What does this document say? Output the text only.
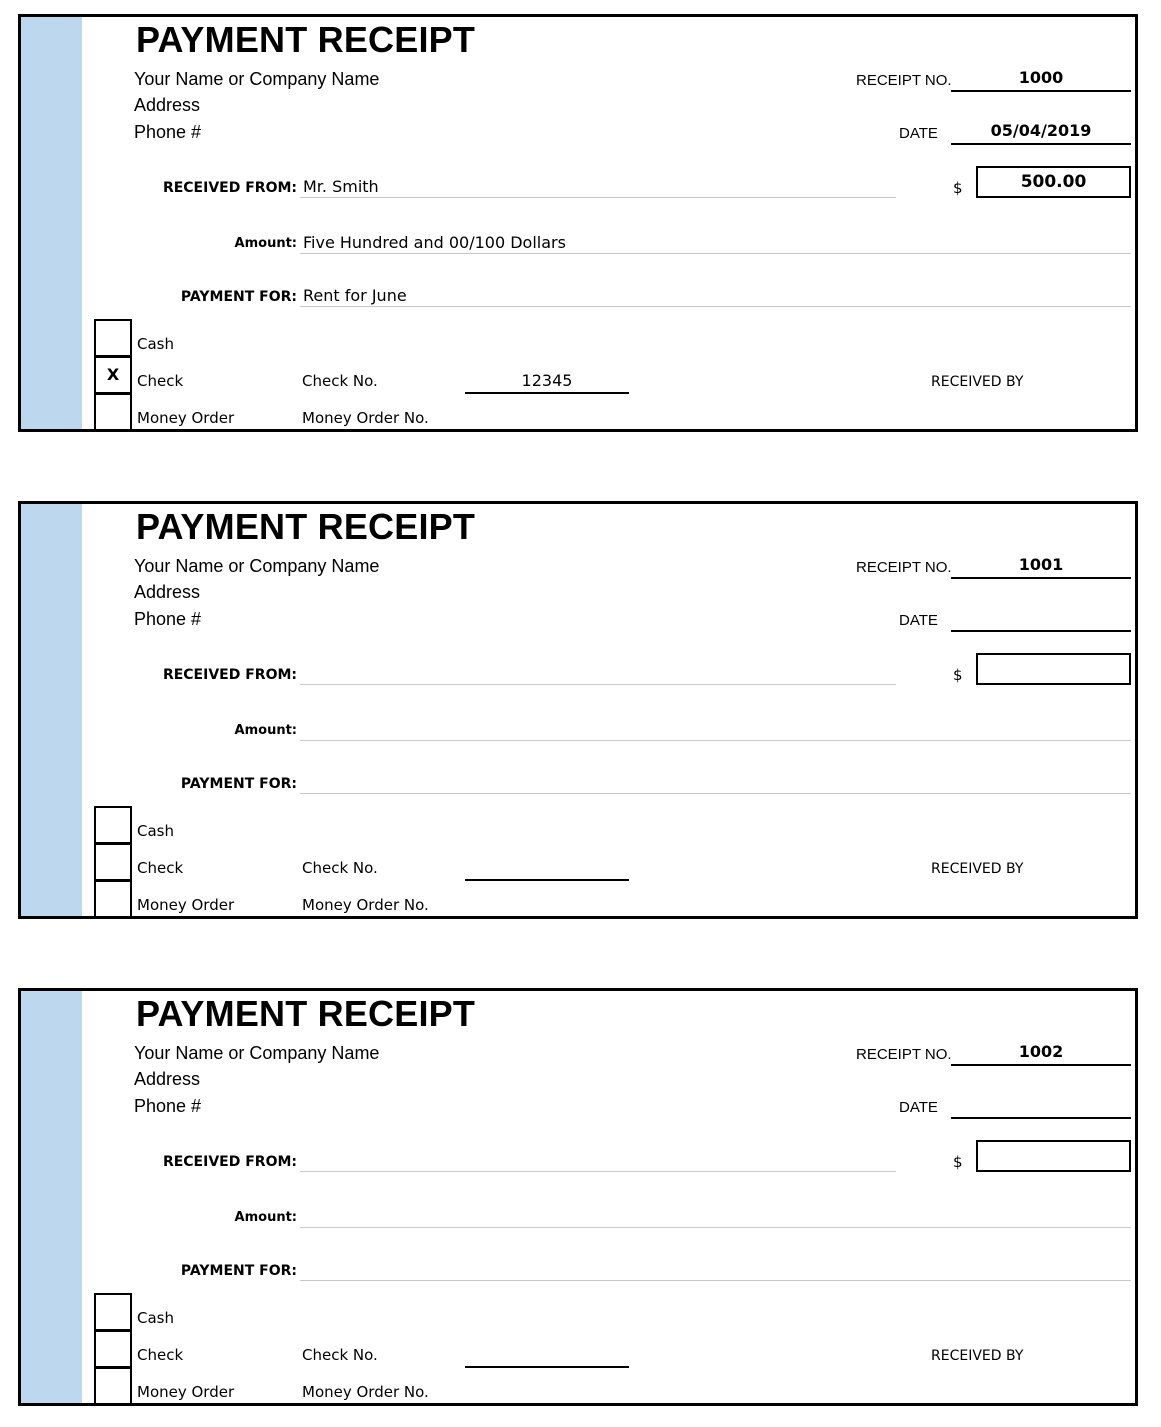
PAYMENT RECEIPT
Your Name or Company Name
Address
Phone #
RECEIPT NO.	1000
DATE	05/04/2019
RECEIVED FROM: Mr. Smith	$	500.00
Amount: Five Hundred and 00/100 Dollars
PAYMENT FOR: Rent for June
X
Cash
Check
Money Order
Check No.	12345
Money Order No.
RECEIVED BY
PAYMENT RECEIPT
Your Name or Company Name
Address
Phone #
RECEIPT NO.	1001
DATE
RECEIVED FROM:	$
Amount:
PAYMENT FOR:
Cash
Check
Money Order
Check No.
Money Order No.
RECEIVED BY
PAYMENT RECEIPT
Your Name or Company Name
Address
Phone #
RECEIPT NO.	1002
DATE
RECEIVED FROM:	$
Amount:
PAYMENT FOR:
Cash
Check
Money Order
Check No.
Money Order No.
RECEIVED BY
